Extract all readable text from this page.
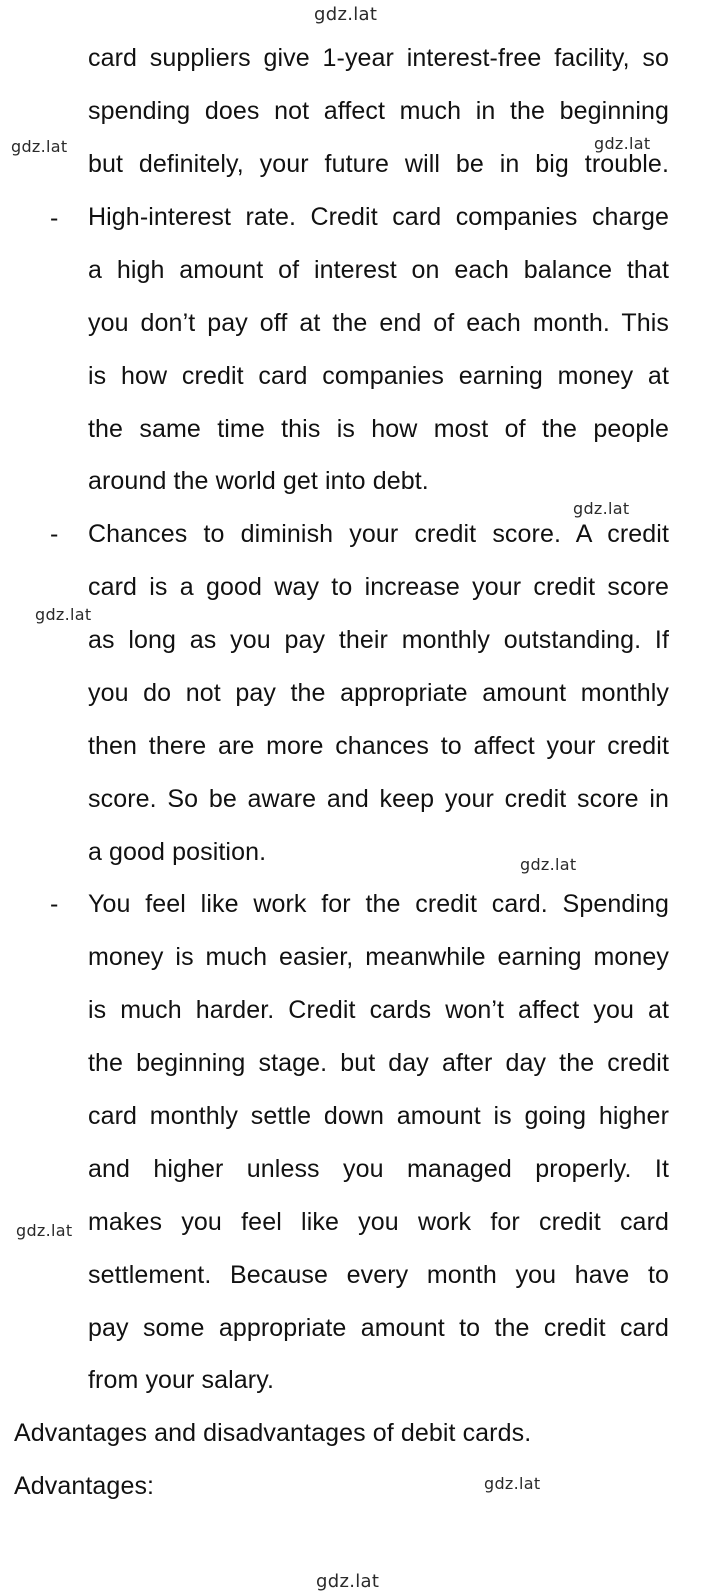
gdz.lat
gdz.lat	gdz.lat
gdz.lat
gdz.lat
gdz.lat
gdz.lat
gdz.lat
gdz.lat
-
-
-
card suppliers give 1-year interest-free facility, so
spending does not affect much in the beginning
but definitely, your future will be in big trouble.
High-interest rate. Credit card companies charge
a high amount of interest on each balance that
you don’t pay off at the end of each month. This
is how credit card companies earning money at
the same time this is how most of the people
around the world get into debt.
Chances to diminish your credit score. A credit
card is a good way to increase your credit score
as long as you pay their monthly outstanding. If
you do not pay the appropriate amount monthly
then there are more chances to affect your credit
score. So be aware and keep your credit score in
a good position.
You feel like work for the credit card. Spending
money is much easier, meanwhile earning money
is much harder. Credit cards won’t affect you at
the beginning stage. but day after day the credit
card monthly settle down amount is going higher
and higher unless you managed properly. It
makes you feel like you work for credit card
settlement. Because every month you have to
pay some appropriate amount to the credit card
from your salary.
Advantages and disadvantages of debit cards.
Advantages:
